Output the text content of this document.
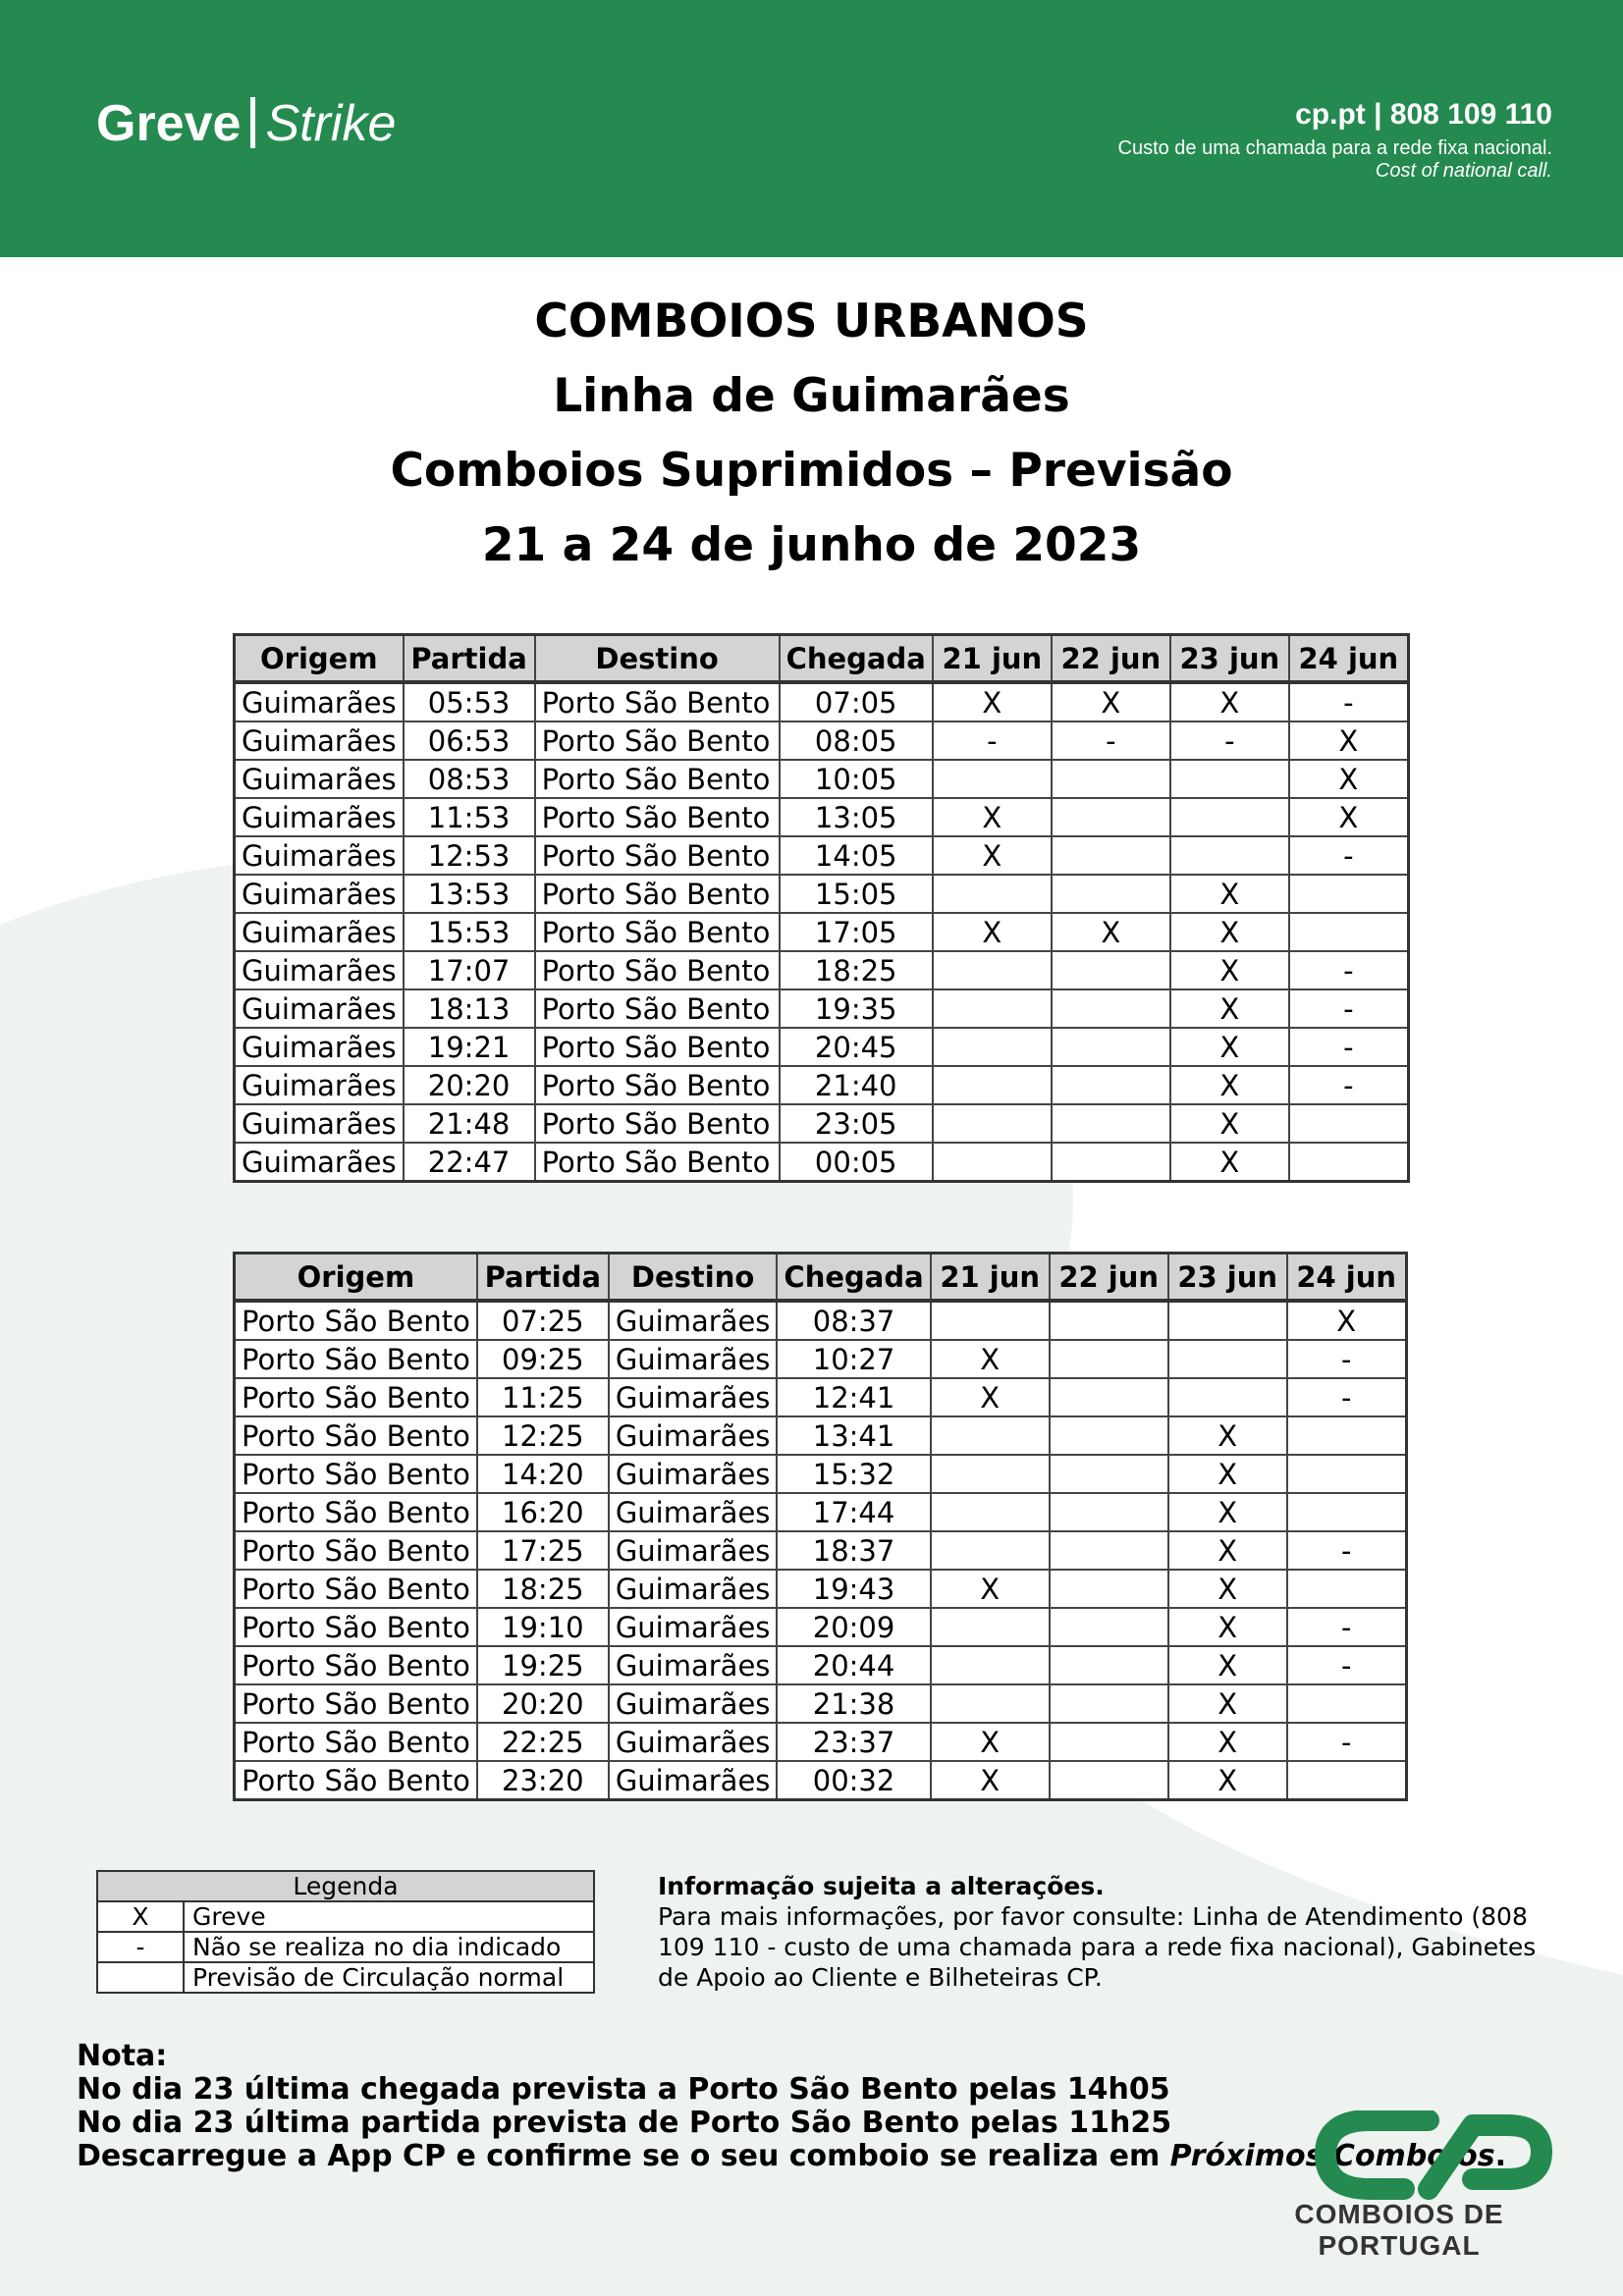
Greve Strike	cp.pt | 808 109 110
Custo de uma chamada para a rede fixa nacional.
Cost of national call.
COMBOIOS URBANOS
Linha de Guimarães
Comboios Suprimidos – Previsão
21 a 24 de junho de 2023
Origem	Partida	Destino	Chegada	21 jun	22 jun	23 jun	24 jun
Guimarães	05:53	Porto São Bento	07:05	X	X	X	-
Guimarães	06:53	Porto São Bento	08:05	-	-	-	X
Guimarães	08:53	Porto São Bento	10:05				X
Guimarães	11:53	Porto São Bento	13:05	X			X
Guimarães	12:53	Porto São Bento	14:05	X			-
Guimarães	13:53	Porto São Bento	15:05			X	
Guimarães	15:53	Porto São Bento	17:05	X	X	X	
Guimarães	17:07	Porto São Bento	18:25			X	-
Guimarães	18:13	Porto São Bento	19:35			X	-
Guimarães	19:21	Porto São Bento	20:45			X	-
Guimarães	20:20	Porto São Bento	21:40			X	-
Guimarães	21:48	Porto São Bento	23:05			X	
Guimarães	22:47	Porto São Bento	00:05			X	
Origem	Partida	Destino	Chegada	21 jun	22 jun	23 jun	24 jun
Porto São Bento	07:25	Guimarães	08:37				X
Porto São Bento	09:25	Guimarães	10:27	X			-
Porto São Bento	11:25	Guimarães	12:41	X			-
Porto São Bento	12:25	Guimarães	13:41			X	
Porto São Bento	14:20	Guimarães	15:32			X	
Porto São Bento	16:20	Guimarães	17:44			X	
Porto São Bento	17:25	Guimarães	18:37			X	-
Porto São Bento	18:25	Guimarães	19:43	X		X	
Porto São Bento	19:10	Guimarães	20:09			X	-
Porto São Bento	19:25	Guimarães	20:44			X	-
Porto São Bento	20:20	Guimarães	21:38			X	
Porto São Bento	22:25	Guimarães	23:37	X		X	-
Porto São Bento	23:20	Guimarães	00:32	X		X	
Legenda	
X	Greve
-	Não se realiza no dia indicado
	Previsão de Circulação normal
Informação sujeita a alterações.
Para mais informações, por favor consulte: Linha de Atendimento (808 109 110 - custo de uma chamada para a rede fixa nacional), Gabinetes de Apoio ao Cliente e Bilheteiras CP.
Nota:
No dia 23 última chegada prevista a Porto São Bento pelas 14h05
No dia 23 última partida prevista de Porto São Bento pelas 11h25
Descarregue a App CP e confirme se o seu comboio se realiza em Próximos Comboios.
COMBOIOS DE PORTUGAL
